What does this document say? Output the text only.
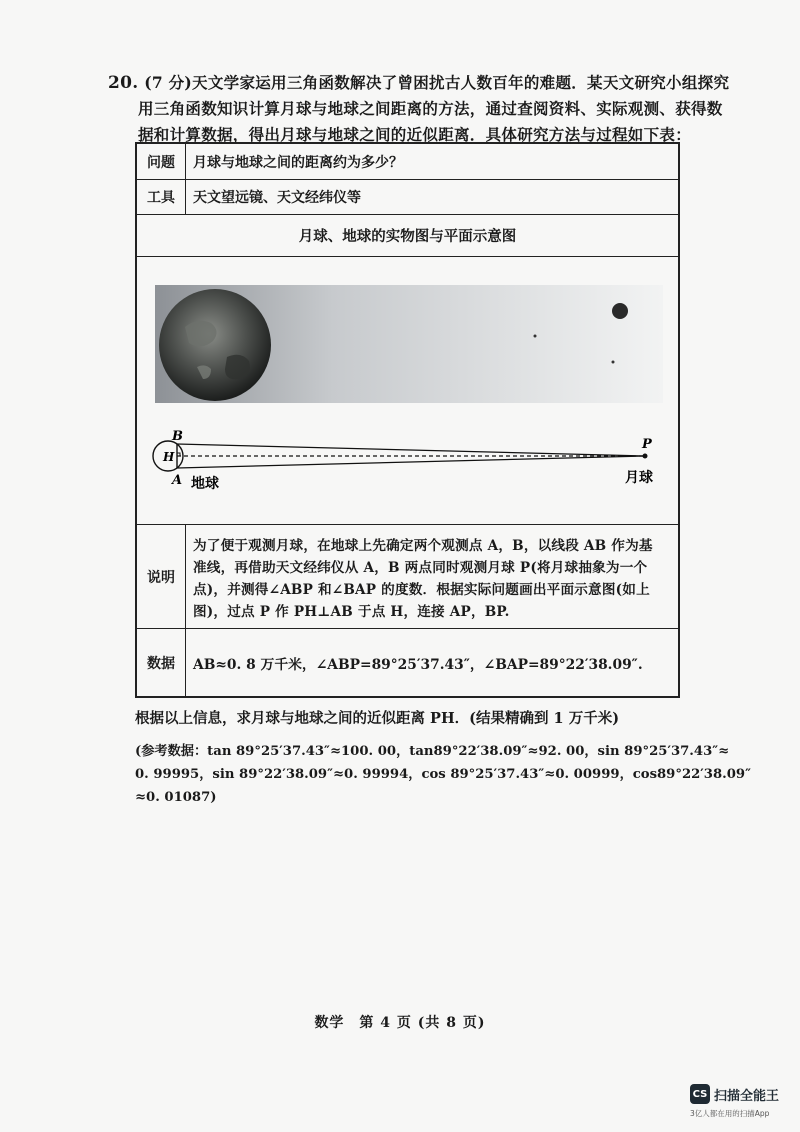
20. (7 分)天文学家运用三角函数解决了曾困扰古人数百年的难题．某天文研究小组探究
用三角函数知识计算月球与地球之间距离的方法，通过查阅资料、实际观测、获得数
据和计算数据，得出月球与地球之间的近似距离．具体研究方法与过程如下表：
问题	月球与地球之间的距离约为多少？
工具	天文望远镜、天文经纬仪等
月球、地球的实物图与平面示意图
B
H
A 地球
P
月球
说明
为了便于观测月球，在地球上先确定两个观测点 A，B，以线段 AB 作为基
准线，再借助天文经纬仪从 A，B 两点同时观测月球 P(将月球抽象为一个
点)，并测得∠ABP 和∠BAP 的度数．根据实际问题画出平面示意图(如上
图)，过点 P 作 PH⊥AB 于点 H，连接 AP，BP.
数据	AB≈0. 8 万千米，∠ABP=89°25′37.43″，∠BAP=89°22′38.09″.
根据以上信息，求月球与地球之间的近似距离 PH．(结果精确到 1 万千米)
(参考数据：tan 89°25′37.43″≈100. 00，tan89°22′38.09″≈92. 00，sin 89°25′37.43″≈
0. 99995，sin 89°22′38.09″≈0. 99994，cos 89°25′37.43″≈0. 00999，cos89°22′38.09″
≈0. 01087)
数学　第 4 页 (共 8 页)
CS 扫描全能王
3亿人都在用的扫描App
